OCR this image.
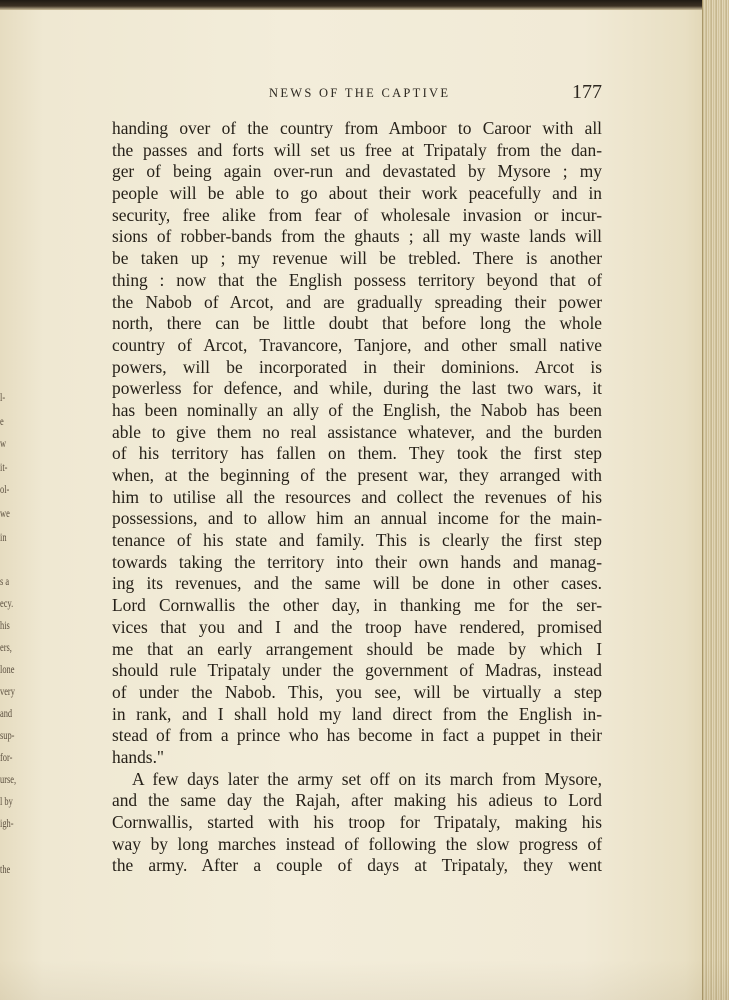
l-
e
w
it-
ol-
we
in
s a
ecy.
his
ers,
lone
very
and
sup-
for-
urse,
l by
igh-
the
NEWS OF THE CAPTIVE	177
handing over of the country from Amboor to Caroor with all
the passes and forts will set us free at Tripataly from the dan-
ger of being again over-run and devastated by Mysore ; my
people will be able to go about their work peacefully and in
security, free alike from fear of wholesale invasion or incur-
sions of robber-bands from the ghauts ; all my waste lands will
be taken up ; my revenue will be trebled. There is another
thing : now that the English possess territory beyond that of
the Nabob of Arcot, and are gradually spreading their power
north, there can be little doubt that before long the whole
country of Arcot, Travancore, Tanjore, and other small native
powers, will be incorporated in their dominions. Arcot is
powerless for defence, and while, during the last two wars, it
has been nominally an ally of the English, the Nabob has been
able to give them no real assistance whatever, and the burden
of his territory has fallen on them. They took the first step
when, at the beginning of the present war, they arranged with
him to utilise all the resources and collect the revenues of his
possessions, and to allow him an annual income for the main-
tenance of his state and family. This is clearly the first step
towards taking the territory into their own hands and manag-
ing its revenues, and the same will be done in other cases.
Lord Cornwallis the other day, in thanking me for the ser-
vices that you and I and the troop have rendered, promised
me that an early arrangement should be made by which I
should rule Tripataly under the government of Madras, instead
of under the Nabob. This, you see, will be virtually a step
in rank, and I shall hold my land direct from the English in-
stead of from a prince who has become in fact a puppet in their
hands."
A few days later the army set off on its march from Mysore,
and the same day the Rajah, after making his adieus to Lord
Cornwallis, started with his troop for Tripataly, making his
way by long marches instead of following the slow progress of
the army. After a couple of days at Tripataly, they went
